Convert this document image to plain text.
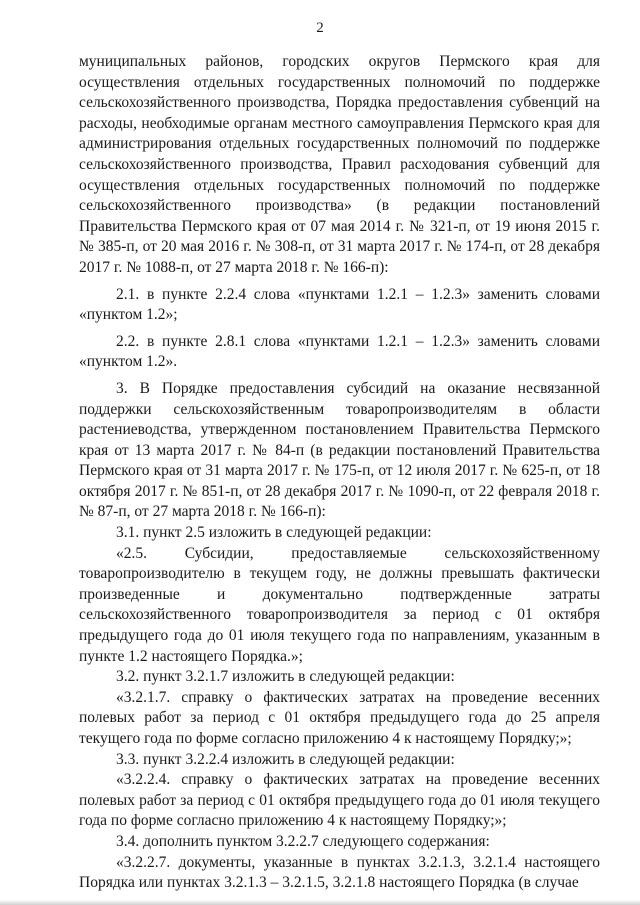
2

муниципальных районов, городских округов Пермского края для осуществления отдельных государственных полномочий по поддержке сельскохозяйственного производства, Порядка предоставления субвенций на расходы, необходимые органам местного самоуправления Пермского края для администрирования отдельных государственных полномочий по поддержке сельскохозяйственного производства, Правил расходования субвенций для осуществления отдельных государственных полномочий по поддержке сельскохозяйственного производства» (в редакции постановлений Правительства Пермского края от 07 мая 2014 г. № 321-п, от 19 июня 2015 г. № 385-п, от 20 мая 2016 г. № 308-п, от 31 марта 2017 г. № 174-п, от 28 декабря 2017 г. № 1088-п, от 27 марта 2018 г. № 166-п):

2.1. в пункте 2.2.4 слова «пунктами 1.2.1 – 1.2.3» заменить словами «пунктом 1.2»;

2.2. в пункте 2.8.1 слова «пунктами 1.2.1 – 1.2.3» заменить словами «пунктом 1.2».

3. В Порядке предоставления субсидий на оказание несвязанной поддержки сельскохозяйственным товаропроизводителям в области растениеводства, утвержденном постановлением Правительства Пермского края от 13 марта 2017 г. № 84-п (в редакции постановлений Правительства Пермского края от 31 марта 2017 г. № 175-п, от 12 июля 2017 г. № 625-п, от 18 октября 2017 г. № 851-п, от 28 декабря 2017 г. № 1090-п, от 22 февраля 2018 г. № 87-п, от 27 марта 2018 г. № 166-п):

3.1. пункт 2.5 изложить в следующей редакции:

«2.5. Субсидии, предоставляемые сельскохозяйственному товаропроизводителю в текущем году, не должны превышать фактически произведенные и документально подтвержденные затраты сельскохозяйственного товаропроизводителя за период с 01 октября предыдущего года до 01 июля текущего года по направлениям, указанным в пункте 1.2 настоящего Порядка.»;

3.2. пункт 3.2.1.7 изложить в следующей редакции:

«3.2.1.7. справку о фактических затратах на проведение весенних полевых работ за период с 01 октября предыдущего года до 25 апреля текущего года по форме согласно приложению 4 к настоящему Порядку;»;

3.3. пункт 3.2.2.4 изложить в следующей редакции:

«3.2.2.4. справку о фактических затратах на проведение весенних полевых работ за период с 01 октября предыдущего года до 01 июля текущего года по форме согласно приложению 4 к настоящему Порядку;»;

3.4. дополнить пунктом 3.2.2.7 следующего содержания:

«3.2.2.7. документы, указанные в пунктах 3.2.1.3, 3.2.1.4 настоящего Порядка или пунктах 3.2.1.3 – 3.2.1.5, 3.2.1.8 настоящего Порядка (в случае
